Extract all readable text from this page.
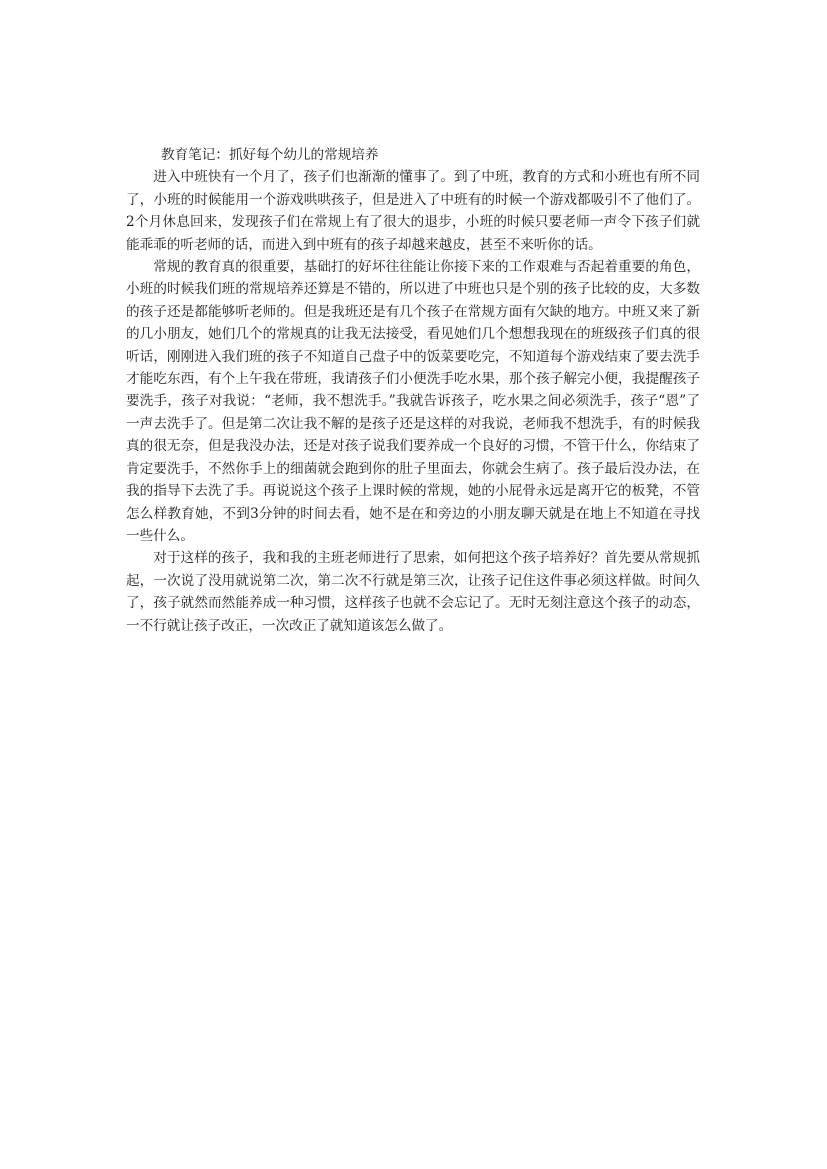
教育笔记：抓好每个幼儿的常规培养

进入中班快有一个月了，孩子们也渐渐的懂事了。到了中班，教育的方式和小班也有所不同了，小班的时候能用一个游戏哄哄孩子，但是进入了中班有的时候一个游戏都吸引不了他们了。2个月休息回来，发现孩子们在常规上有了很大的退步，小班的时候只要老师一声令下孩子们就能乖乖的听老师的话，而进入到中班有的孩子却越来越皮，甚至不来听你的话。

常规的教育真的很重要，基础打的好坏往往能让你接下来的工作艰难与否起着重要的角色，小班的时候我们班的常规培养还算是不错的，所以进了中班也只是个别的孩子比较的皮，大多数的孩子还是都能够听老师的。但是我班还是有几个孩子在常规方面有欠缺的地方。中班又来了新的几小朋友，她们几个的常规真的让我无法接受，看见她们几个想想我现在的班级孩子们真的很听话，刚刚进入我们班的孩子不知道自己盘子中的饭菜要吃完，不知道每个游戏结束了要去洗手才能吃东西，有个上午我在带班，我请孩子们小便洗手吃水果，那个孩子解完小便，我提醒孩子要洗手，孩子对我说：“老师，我不想洗手。”我就告诉孩子，吃水果之间必须洗手，孩子“恩”了一声去洗手了。但是第二次让我不解的是孩子还是这样的对我说，老师我不想洗手，有的时候我真的很无奈，但是我没办法，还是对孩子说我们要养成一个良好的习惯，不管干什么，你结束了肯定要洗手，不然你手上的细菌就会跑到你的肚子里面去，你就会生病了。孩子最后没办法，在我的指导下去洗了手。再说说这个孩子上课时候的常规，她的小屁骨永远是离开它的板凳，不管怎么样教育她，不到3分钟的时间去看，她不是在和旁边的小朋友聊天就是在地上不知道在寻找一些什么。

对于这样的孩子，我和我的主班老师进行了思索，如何把这个孩子培养好？首先要从常规抓起，一次说了没用就说第二次，第二次不行就是第三次，让孩子记住这件事必须这样做。时间久了，孩子就然而然能养成一种习惯，这样孩子也就不会忘记了。无时无刻注意这个孩子的动态，一不行就让孩子改正，一次改正了就知道该怎么做了。
